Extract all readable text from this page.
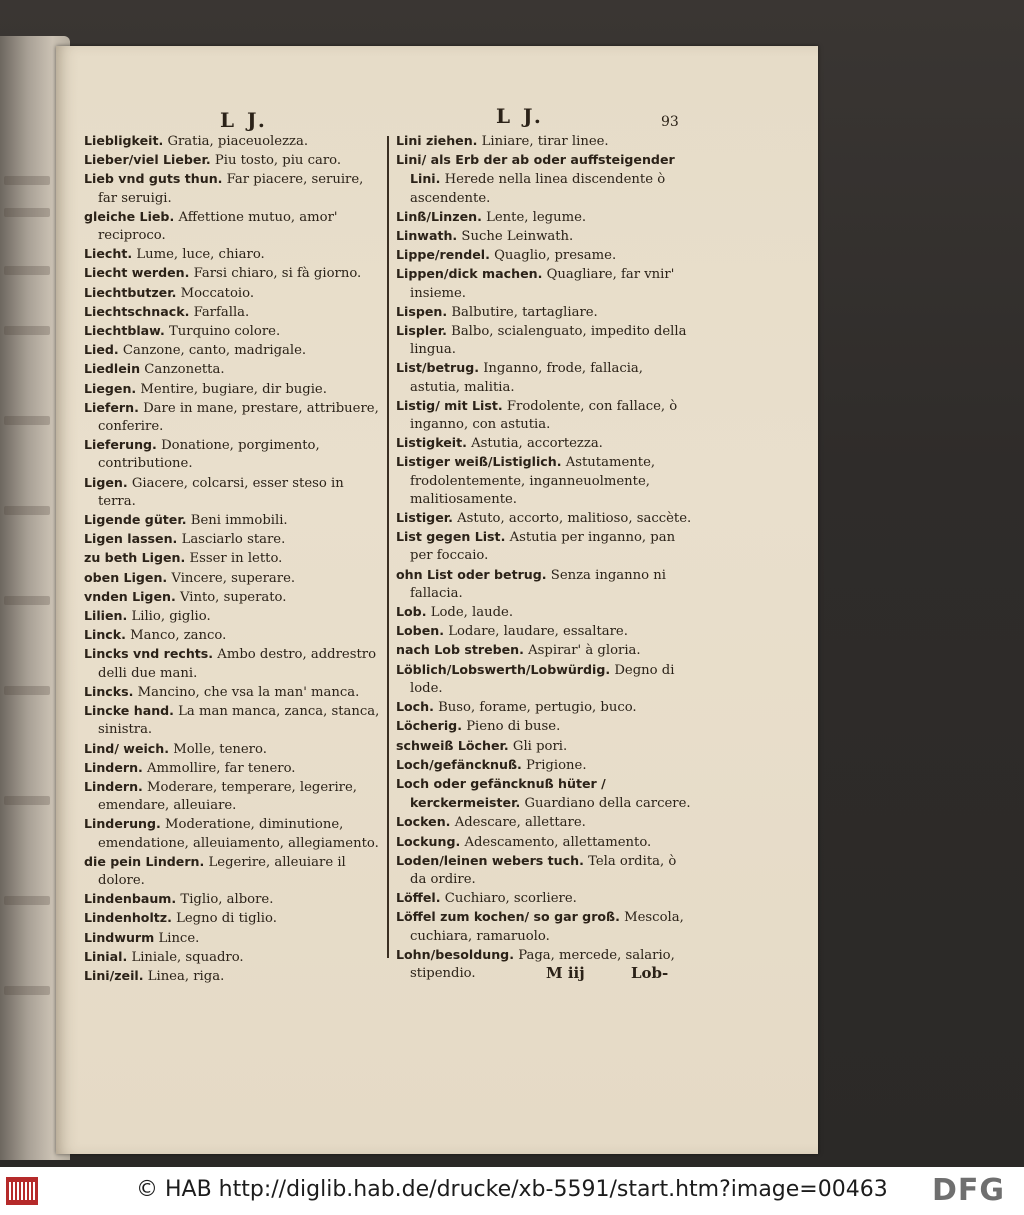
L J.	L J.	93
Liebligkeit. Gratia, piaceuolezza.
Lieber/viel Lieber. Piu tosto, piu caro.
Lieb vnd guts thun. Far piacere, seruire, far seruigi.
gleiche Lieb. Affettione mutuo, amor' reciproco.
Liecht. Lume, luce, chiaro.
Liecht werden. Farsi chiaro, si fà giorno.
Liechtbutzer. Moccatoio.
Liechtschnack. Farfalla.
Liechtblaw. Turquino colore.
Lied. Canzone, canto, madrigale.
Liedlein Canzonetta.
Liegen. Mentire, bugiare, dir bugie.
Liefern. Dare in mane, prestare, attribuere, conferire.
Lieferung. Donatione, porgimento, contributione.
Ligen. Giacere, colcarsi, esser steso in terra.
Ligende güter. Beni immobili.
Ligen lassen. Lasciarlo stare.
zu beth Ligen. Esser in letto.
oben Ligen. Vincere, superare.
vnden Ligen. Vinto, superato.
Lilien. Lilio, giglio.
Linck. Manco, zanco.
Lincks vnd rechts. Ambo destro, addrestro delli due mani.
Lincks. Mancino, che vsa la man' manca.
Lincke hand. La man manca, zanca, stanca, sinistra.
Lind/ weich. Molle, tenero.
Lindern. Ammollire, far tenero.
Lindern. Moderare, temperare, legerire, emendare, alleuiare.
Linderung. Moderatione, diminutione, emendatione, alleuiamento, allegiamento.
die pein Lindern. Legerire, alleuiare il dolore.
Lindenbaum. Tiglio, albore.
Lindenholtz. Legno di tiglio.
Lindwurm Lince.
Linial. Liniale, squadro.
Lini/zeil. Linea, riga.
Lini ziehen. Liniare, tirar linee.
Lini/ als Erb der ab oder auffsteigender Lini. Herede nella linea discendente ò ascendente.
Linß/Linzen. Lente, legume.
Linwath. Suche Leinwath.
Lippe/rendel. Quaglio, presame.
Lippen/dick machen. Quagliare, far vnir' insieme.
Lispen. Balbutire, tartagliare.
Lispler. Balbo, scialenguato, impedito della lingua.
List/betrug. Inganno, frode, fallacia, astutia, malitia.
Listig/ mit List. Frodolente, con fallace, ò inganno, con astutia.
Listigkeit. Astutia, accortezza.
Listiger weiß/Listiglich. Astutamente, frodolentemente, inganneuolmente, malitiosamente.
Listiger. Astuto, accorto, malitioso, saccète.
List gegen List. Astutia per inganno, pan per foccaio.
ohn List oder betrug. Senza inganno ni fallacia.
Lob. Lode, laude.
Loben. Lodare, laudare, essaltare.
nach Lob streben. Aspirar' à gloria.
Löblich/Lobswerth/Lobwürdig. Degno di lode.
Loch. Buso, forame, pertugio, buco.
Löcherig. Pieno di buse.
schweiß Löcher. Gli pori.
Loch/gefäncknuß. Prigione.
Loch oder gefäncknuß hüter / kerckermeister. Guardiano della carcere.
Locken. Adescare, allettare.
Lockung. Adescamento, allettamento.
Loden/leinen webers tuch. Tela ordita, ò da ordire.
Löffel. Cuchiaro, scorliere.
Löffel zum kochen/ so gar groß. Mescola, cuchiara, ramaruolo.
Lohn/besoldung. Paga, mercede, salario, stipendio.	M iij	Lob-
© HAB http://diglib.hab.de/drucke/xb-5591/start.htm?image=00463 DFG
